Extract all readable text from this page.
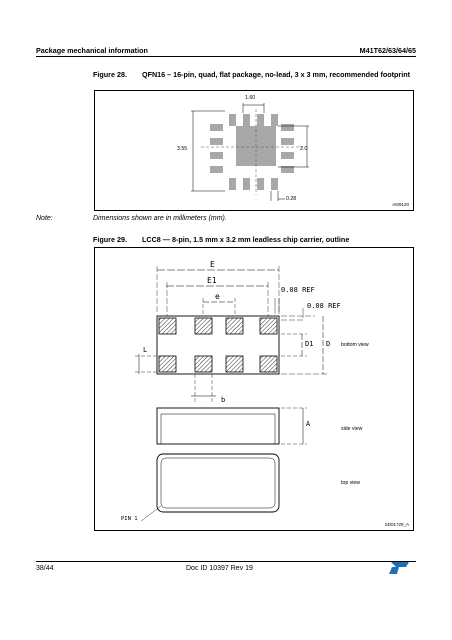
Package mechanical information	M41T62/63/64/65
Figure 28. QFN16 – 16-pin, quad, flat package, no-lead, 3 x 3 mm, recommended footprint
1.60
3.55	2.0
0.28
AI09120
Note:	Dimensions shown are in millimeters (mm).
Figure 29. LCC8 — 8-pin, 1.5 mm x 3.2 mm leadless chip carrier, outline
E
E1
e
0.08 REF
0.08 REF
D1 D
L
b
A
bottom view
side view
top view
PIN 1
SD01729_A
38/44	Doc ID 10397 Rev 19
